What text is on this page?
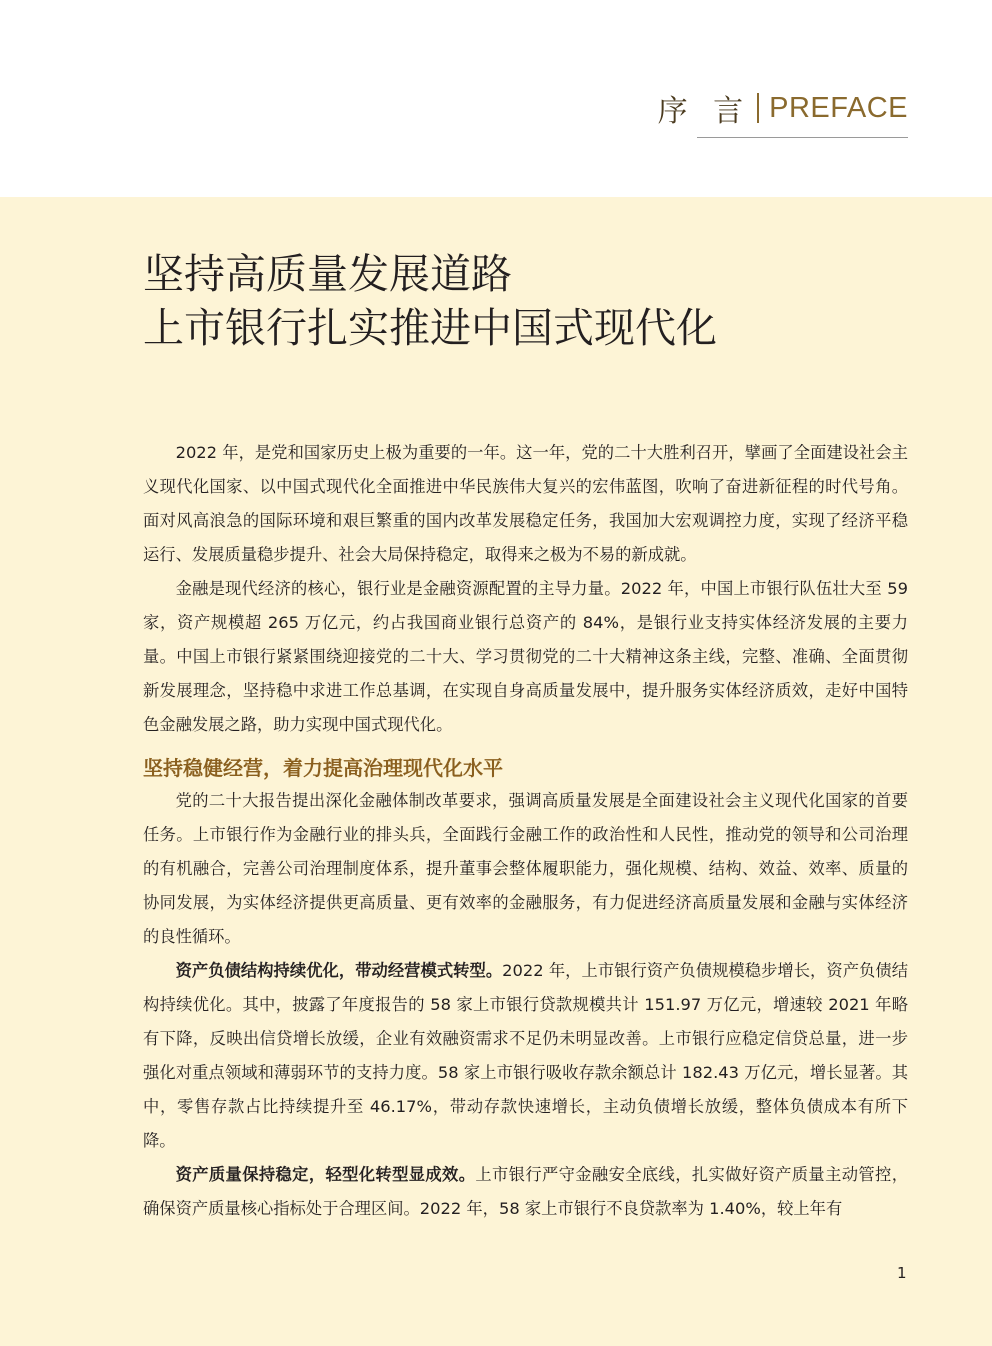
序 言 PREFACE
坚持高质量发展道路
上市银行扎实推进中国式现代化

2022 年，是党和国家历史上极为重要的一年。这一年，党的二十大胜利召开，擘画了全面建设社会主义现代化国家、以中国式现代化全面推进中华民族伟大复兴的宏伟蓝图，吹响了奋进新征程的时代号角。面对风高浪急的国际环境和艰巨繁重的国内改革发展稳定任务，我国加大宏观调控力度，实现了经济平稳运行、发展质量稳步提升、社会大局保持稳定，取得来之极为不易的新成就。

金融是现代经济的核心，银行业是金融资源配置的主导力量。2022 年，中国上市银行队伍壮大至 59 家，资产规模超 265 万亿元，约占我国商业银行总资产的 84%，是银行业支持实体经济发展的主要力量。中国上市银行紧紧围绕迎接党的二十大、学习贯彻党的二十大精神这条主线，完整、准确、全面贯彻新发展理念，坚持稳中求进工作总基调，在实现自身高质量发展中，提升服务实体经济质效，走好中国特色金融发展之路，助力实现中国式现代化。

坚持稳健经营，着力提高治理现代化水平

党的二十大报告提出深化金融体制改革要求，强调高质量发展是全面建设社会主义现代化国家的首要任务。上市银行作为金融行业的排头兵，全面践行金融工作的政治性和人民性，推动党的领导和公司治理的有机融合，完善公司治理制度体系，提升董事会整体履职能力，强化规模、结构、效益、效率、质量的协同发展，为实体经济提供更高质量、更有效率的金融服务，有力促进经济高质量发展和金融与实体经济的良性循环。

资产负债结构持续优化，带动经营模式转型。2022 年，上市银行资产负债规模稳步增长，资产负债结构持续优化。其中，披露了年度报告的 58 家上市银行贷款规模共计 151.97 万亿元，增速较 2021 年略有下降，反映出信贷增长放缓，企业有效融资需求不足仍未明显改善。上市银行应稳定信贷总量，进一步强化对重点领域和薄弱环节的支持力度。58 家上市银行吸收存款余额总计 182.43 万亿元，增长显著。其中，零售存款占比持续提升至 46.17%，带动存款快速增长，主动负债增长放缓，整体负债成本有所下降。

资产质量保持稳定，轻型化转型显成效。上市银行严守金融安全底线，扎实做好资产质量主动管控，确保资产质量核心指标处于合理区间。2022 年，58 家上市银行不良贷款率为 1.40%，较上年有

1
